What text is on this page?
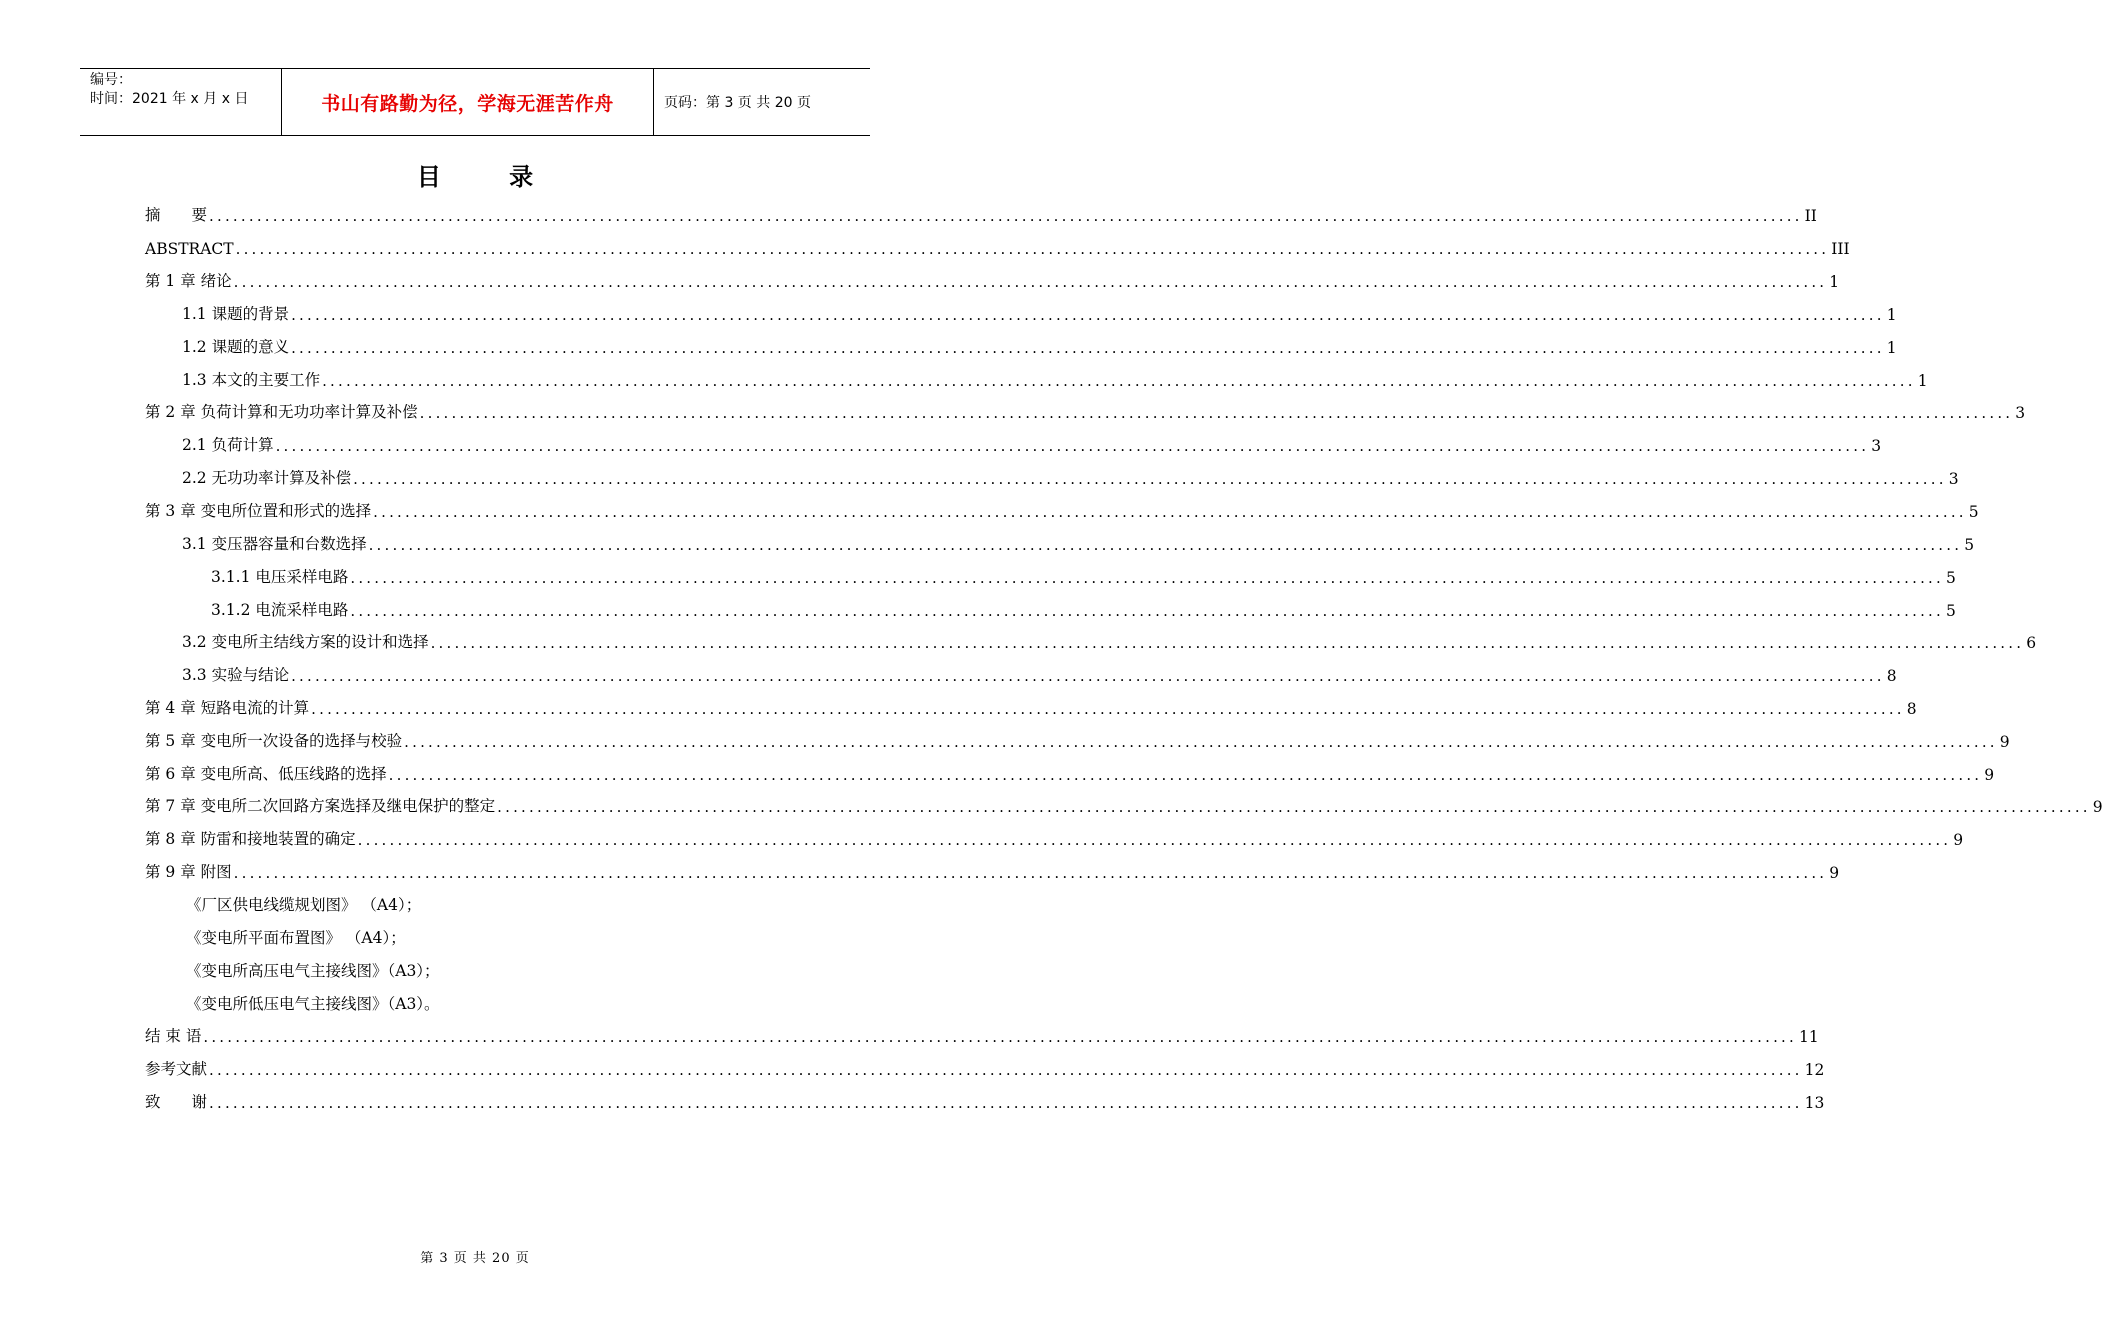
编号：
时间：2021 年 x 月 x 日	书山有路勤为径，学海无涯苦作舟	页码：第 3 页 共 20 页
目 录
摘　　要 ........................................................................................................................................................................................................ II
ABSTRACT ........................................................................................................................................................................................................ III
第 1 章 绪论 ........................................................................................................................................................................................................ 1
1.1 课题的背景 ........................................................................................................................................................................................................ 1
1.2 课题的意义 ........................................................................................................................................................................................................ 1
1.3 本文的主要工作 ........................................................................................................................................................................................................ 1
第 2 章 负荷计算和无功功率计算及补偿 ........................................................................................................................................................................................................ 3
2.1 负荷计算 ........................................................................................................................................................................................................ 3
2.2 无功功率计算及补偿 ........................................................................................................................................................................................................ 3
第 3 章 变电所位置和形式的选择 ........................................................................................................................................................................................................ 5
3.1 变压器容量和台数选择 ........................................................................................................................................................................................................ 5
3.1.1 电压采样电路 ........................................................................................................................................................................................................ 5
3.1.2 电流采样电路 ........................................................................................................................................................................................................ 5
3.2 变电所主结线方案的设计和选择 ........................................................................................................................................................................................................ 6
3.3 实验与结论 ........................................................................................................................................................................................................ 8
第 4 章 短路电流的计算 ........................................................................................................................................................................................................ 8
第 5 章 变电所一次设备的选择与校验 ........................................................................................................................................................................................................ 9
第 6 章 变电所高、低压线路的选择 ........................................................................................................................................................................................................ 9
第 7 章 变电所二次回路方案选择及继电保护的整定 ........................................................................................................................................................................................................ 9
第 8 章 防雷和接地装置的确定 ........................................................................................................................................................................................................ 9
第 9 章 附图 ........................................................................................................................................................................................................ 9
《厂区供电线缆规划图》 （A4）；
《变电所平面布置图》 （A4）；
《变电所高压电气主接线图》（A3）；
《变电所低压电气主接线图》（A3）。
结 束 语 ........................................................................................................................................................................................................ 11
参考文献 ........................................................................................................................................................................................................ 12
致　　谢 ........................................................................................................................................................................................................ 13
第 3 页 共 20 页
